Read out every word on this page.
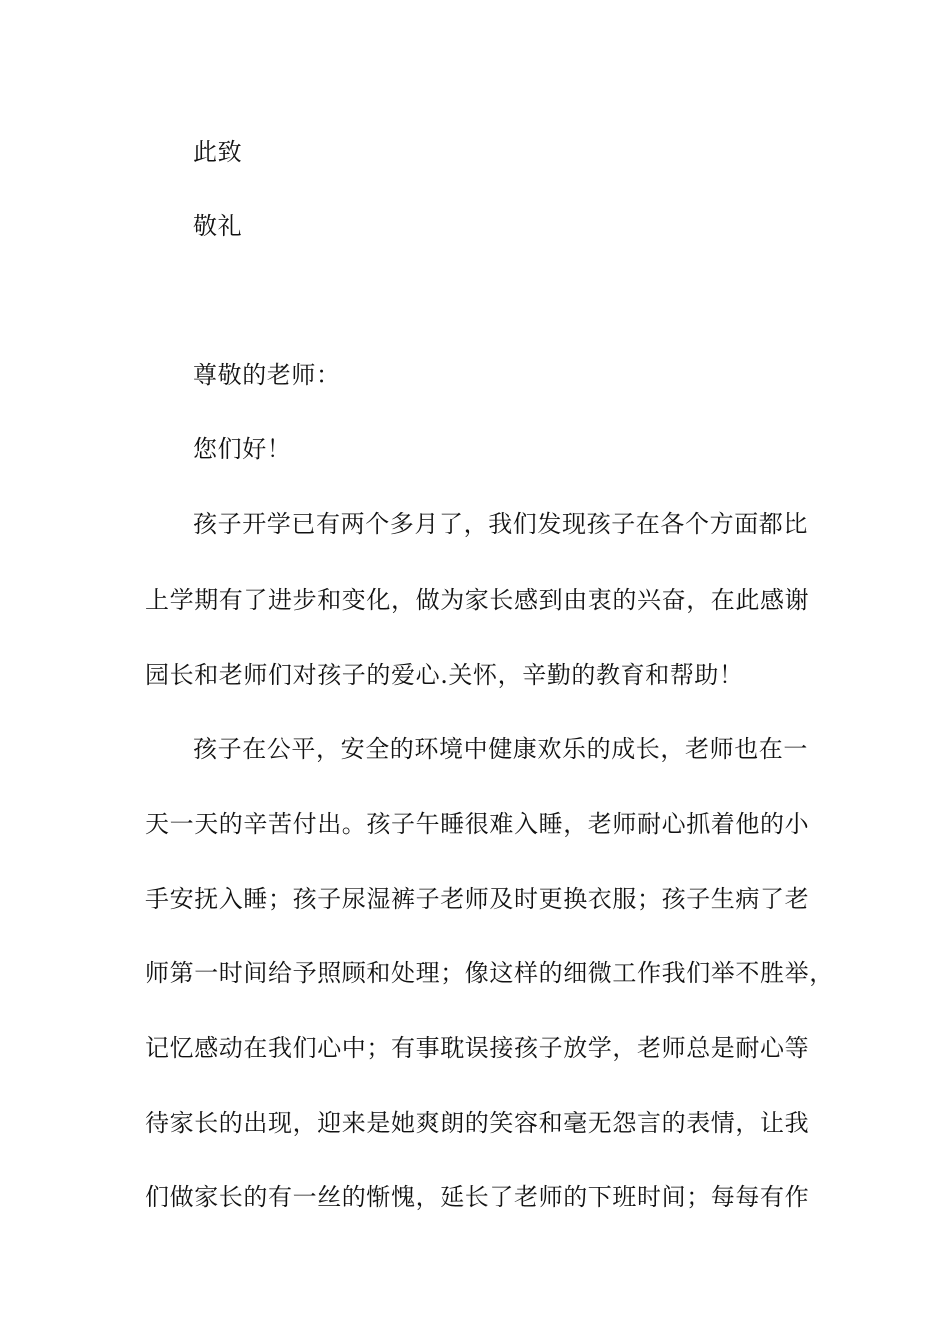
此致
敬礼
尊敬的老师：
您们好！
孩子开学已有两个多月了，我们发现孩子在各个方面都比
上学期有了进步和变化，做为家长感到由衷的兴奋，在此感谢
园长和老师们对孩子的爱心.关怀，辛勤的教育和帮助！
孩子在公平，安全的环境中健康欢乐的成长，老师也在一
天一天的辛苦付出。孩子午睡很难入睡，老师耐心抓着他的小
手安抚入睡；孩子尿湿裤子老师及时更换衣服；孩子生病了老
师第一时间给予照顾和处理；像这样的细微工作我们举不胜举，
记忆感动在我们心中；有事耽误接孩子放学，老师总是耐心等
待家长的出现，迎来是她爽朗的笑容和毫无怨言的表情，让我
们做家长的有一丝的惭愧，延长了老师的下班时间；每每有作
